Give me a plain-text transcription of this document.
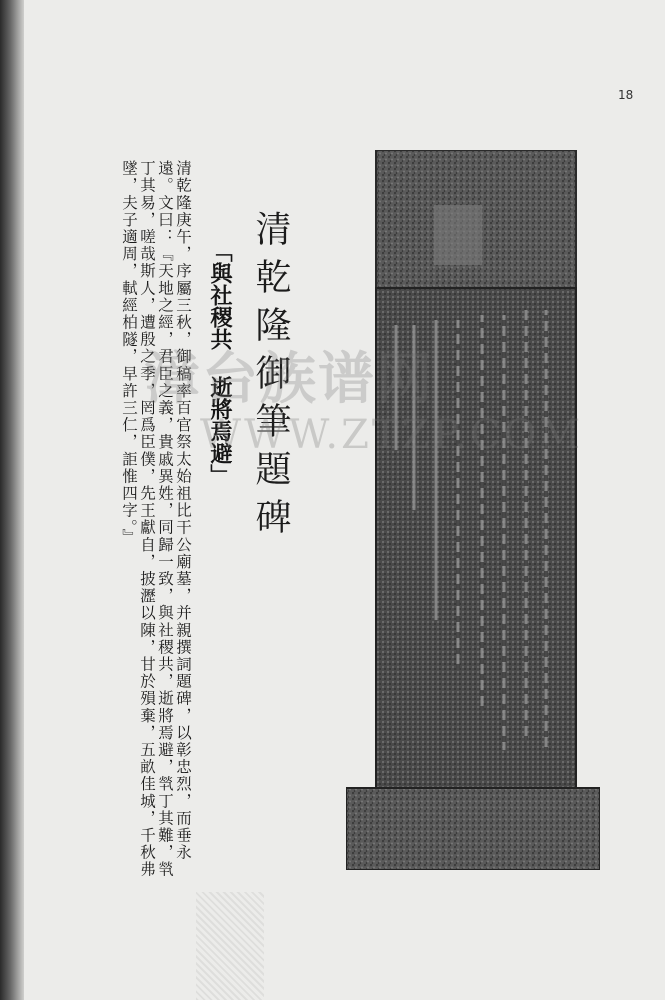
18
清乾隆御筆題碑
「與社稷共 逝將焉避」
清乾隆庚午，序屬三秋，御稿率百官祭太始祖比干公廟墓，并親撰詞題碑，以彰忠烈，而垂永遠。文曰：『天地之經，君臣之義，貴戚異姓，同歸一致，與社稷共，逝將焉避，㷀丁其難，㷀丁其易，嗟哉斯人，遭殷之季，罔爲臣僕，先王獻自，披瀝以陳，甘於殞棄，五畝佳城，千秋弗墜，夫子適周，軾經柏隧，早許三仁，詎惟四字。』 漳台族谱网
WWW.ZTZP.COM
